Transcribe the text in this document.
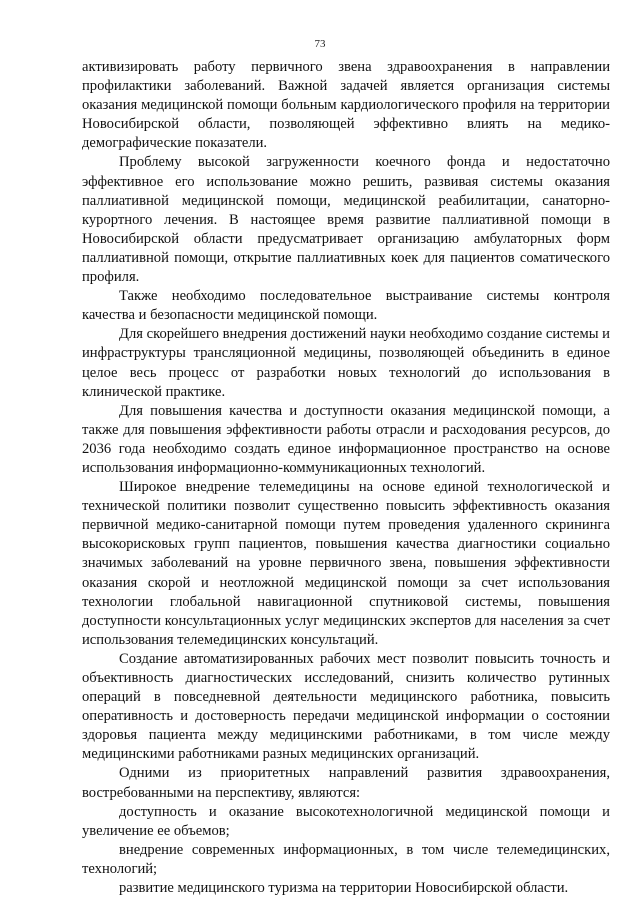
73

активизировать работу первичного звена здравоохранения в направлении профилактики заболеваний. Важной задачей является организация системы оказания медицинской помощи больным кардиологического профиля на территории Новосибирской области, позволяющей эффективно влиять на медико-демографические показатели.

Проблему высокой загруженности коечного фонда и недостаточно эффективное его использование можно решить, развивая системы оказания паллиативной медицинской помощи, медицинской реабилитации, санаторно-курортного лечения. В настоящее время развитие паллиативной помощи в Новосибирской области предусматривает организацию амбулаторных форм паллиативной помощи, открытие паллиативных коек для пациентов соматического профиля.

Также необходимо последовательное выстраивание системы контроля качества и безопасности медицинской помощи.

Для скорейшего внедрения достижений науки необходимо создание системы и инфраструктуры трансляционной медицины, позволяющей объединить в единое целое весь процесс от разработки новых технологий до использования в клинической практике.

Для повышения качества и доступности оказания медицинской помощи, а также для повышения эффективности работы отрасли и расходования ресурсов, до 2036 года необходимо создать единое информационное пространство на основе использования информационно-коммуникационных технологий.

Широкое внедрение телемедицины на основе единой технологической и технической политики позволит существенно повысить эффективность оказания первичной медико-санитарной помощи путем проведения удаленного скрининга высокорисковых групп пациентов, повышения качества диагностики социально значимых заболеваний на уровне первичного звена, повышения эффективности оказания скорой и неотложной медицинской помощи за счет использования технологии глобальной навигационной спутниковой системы, повышения доступности консультационных услуг медицинских экспертов для населения за счет использования телемедицинских консультаций.

Создание автоматизированных рабочих мест позволит повысить точность и объективность диагностических исследований, снизить количество рутинных операций в повседневной деятельности медицинского работника, повысить оперативность и достоверность передачи медицинской информации о состоянии здоровья пациента между медицинскими работниками, в том числе между медицинскими работниками разных медицинских организаций.

Одними из приоритетных направлений развития здравоохранения, востребованными на перспективу, являются:

доступность и оказание высокотехнологичной медицинской помощи и увеличение ее объемов;

внедрение современных информационных, в том числе телемедицинских, технологий;

развитие медицинского туризма на территории Новосибирской области.
